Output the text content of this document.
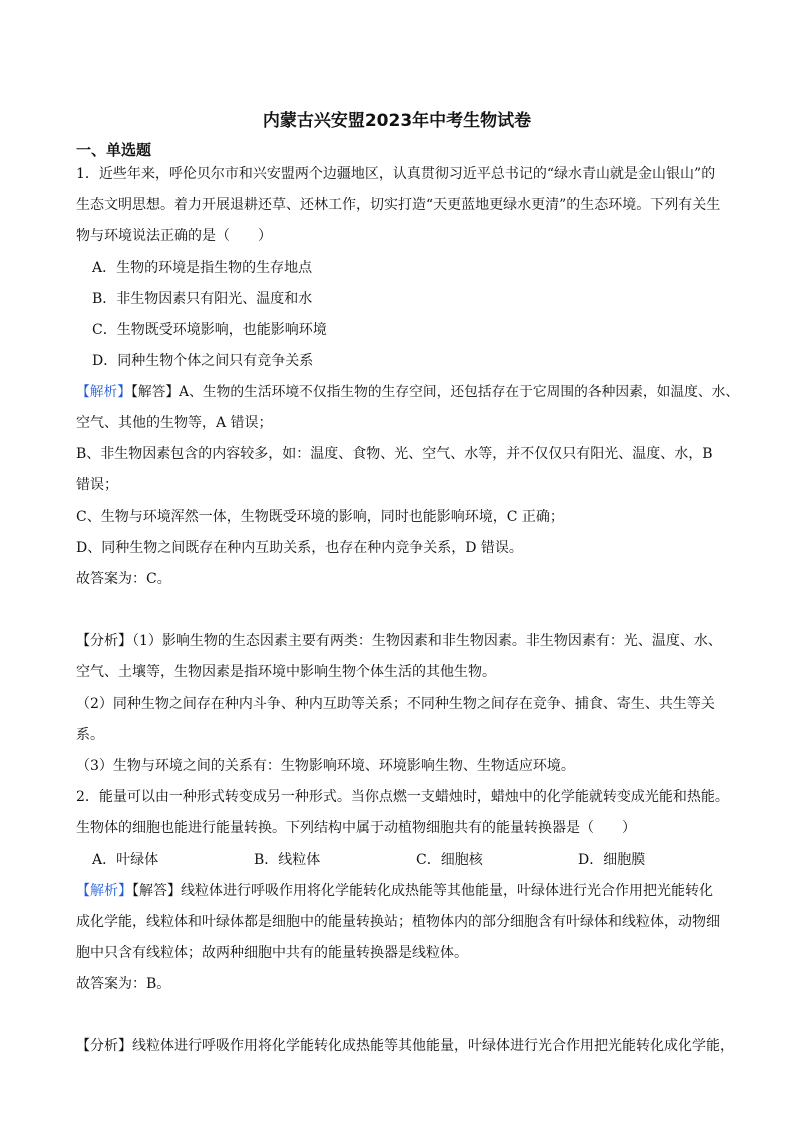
内蒙古兴安盟2023年中考生物试卷
一、单选题
1．近些年来，呼伦贝尔市和兴安盟两个边疆地区，认真贯彻习近平总书记的“绿水青山就是金山银山”的
生态文明思想。着力开展退耕还草、还林工作，切实打造“天更蓝地更绿水更清”的生态环境。下列有关生
物与环境说法正确的是（　　）
A．生物的环境是指生物的生存地点
B．非生物因素只有阳光、温度和水
C．生物既受环境影响，也能影响环境
D．同种生物个体之间只有竞争关系
【解析】【解答】A、生物的生活环境不仅指生物的生存空间，还包括存在于它周围的各种因素，如温度、水、
空气、其他的生物等，A 错误；
B、非生物因素包含的内容较多，如：温度、食物、光、空气、水等，并不仅仅只有阳光、温度、水，B
错误；
C、生物与环境浑然一体，生物既受环境的影响，同时也能影响环境，C 正确；
D、同种生物之间既存在种内互助关系，也存在种内竞争关系，D 错误。
故答案为：C。
【分析】（1）影响生物的生态因素主要有两类：生物因素和非生物因素。非生物因素有：光、温度、水、
空气、土壤等，生物因素是指环境中影响生物个体生活的其他生物。
（2）同种生物之间存在种内斗争、种内互助等关系；不同种生物之间存在竞争、捕食、寄生、共生等关
系。
（3）生物与环境之间的关系有：生物影响环境、环境影响生物、生物适应环境。
2．能量可以由一种形式转变成另一种形式。当你点燃一支蜡烛时，蜡烛中的化学能就转变成光能和热能。
生物体的细胞也能进行能量转换。下列结构中属于动植物细胞共有的能量转换器是（　　）
A．叶绿体	B．线粒体	C．细胞核	D．细胞膜
【解析】【解答】线粒体进行呼吸作用将化学能转化成热能等其他能量，叶绿体进行光合作用把光能转化
成化学能，线粒体和叶绿体都是细胞中的能量转换站；植物体内的部分细胞含有叶绿体和线粒体，动物细
胞中只含有线粒体；故两种细胞中共有的能量转换器是线粒体。
故答案为：B。
【分析】线粒体进行呼吸作用将化学能转化成热能等其他能量，叶绿体进行光合作用把光能转化成化学能，
